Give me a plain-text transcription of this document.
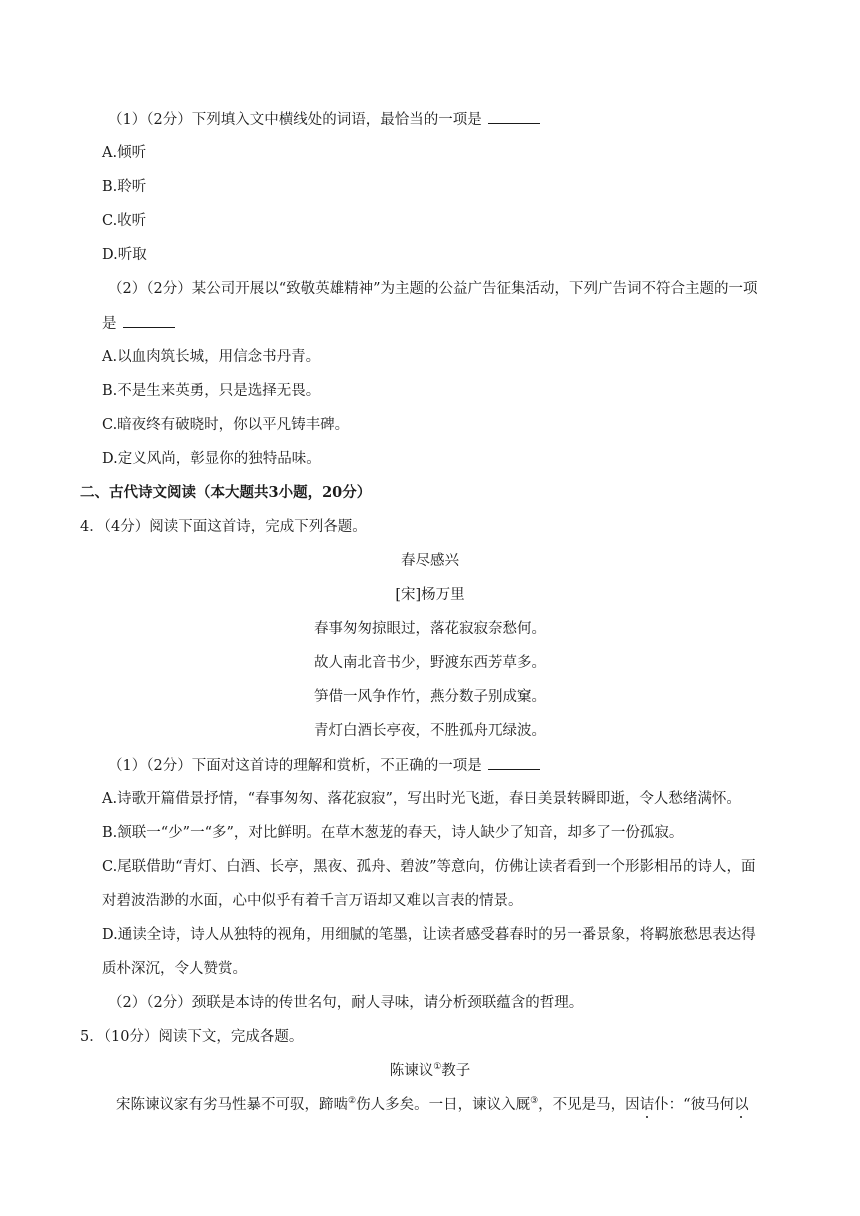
（1）（2分）下列填入文中横线处的词语，最恰当的一项是
A.倾听
B.聆听
C.收听
D.听取
（2）（2分）某公司开展以“致敬英雄精神”为主题的公益广告征集活动，下列广告词不符合主题的一项
是
A.以血肉筑长城，用信念书丹青。
B.不是生来英勇，只是选择无畏。
C.暗夜终有破晓时，你以平凡铸丰碑。
D.定义风尚，彰显你的独特品味。
二、古代诗文阅读（本大题共3小题，20分）
4．（4分）阅读下面这首诗，完成下列各题。
春尽感兴
[宋]杨万里
春事匆匆掠眼过，落花寂寂奈愁何。
故人南北音书少，野渡东西芳草多。
笋借一风争作竹，燕分数子别成窠。
青灯白酒长亭夜，不胜孤舟兀绿波。
（1）（2分）下面对这首诗的理解和赏析，不正确的一项是
A.诗歌开篇借景抒情，“春事匆匆、落花寂寂”，写出时光飞逝，春日美景转瞬即逝，令人愁绪满怀。
B.颔联一“少”一“多”，对比鲜明。在草木葱茏的春天，诗人缺少了知音，却多了一份孤寂。
C.尾联借助“青灯、白酒、长亭，黑夜、孤舟、碧波”等意向，仿佛让读者看到一个形影相吊的诗人，面
对碧波浩渺的水面，心中似乎有着千言万语却又难以言表的情景。
D.通读全诗，诗人从独特的视角，用细腻的笔墨，让读者感受暮春时的另一番景象，将羁旅愁思表达得
质朴深沉，令人赞赏。
（2）（2分）颈联是本诗的传世名句，耐人寻味，请分析颈联蕴含的哲理。
5．（10分）阅读下文，完成各题。
陈谏议①教子
宋陈谏议家有劣马性暴不可驭，蹄啮②伤人多矣。一日，谏议入厩③，不见是马，因诘仆：“彼马何以
